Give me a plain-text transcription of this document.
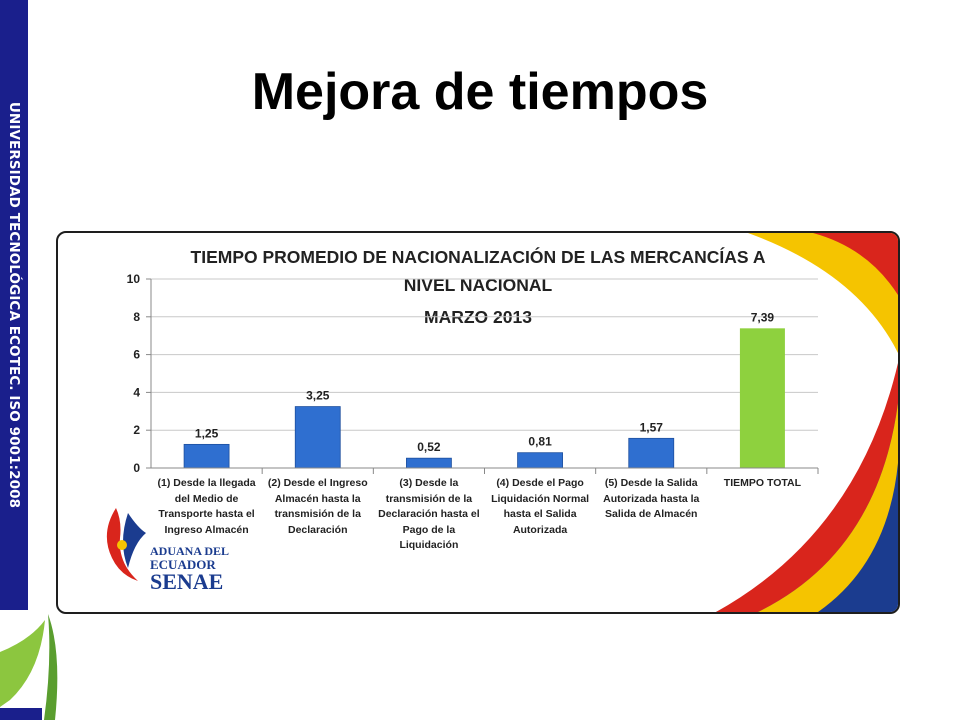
UNIVERSIDAD TECNOLÓGICA ECOTEC. ISO 9001:2008
Mejora de tiempos
TIEMPO PROMEDIO DE NACIONALIZACIÓN DE LAS MERCANCÍAS A
NIVEL NACIONAL
MARZO 2013
1,25
3,25
0,52	0,81
1,57
7,39
0
2
4
6
8
10
(1) Desde la llegada
del Medio de
Transporte hasta el
Ingreso Almacén
(2) Desde el Ingreso
Almacén hasta la
transmisión de la
Declaración
(3) Desde la
transmisión de la
Declaración hasta el
Pago de la
Liquidación
(4) Desde el Pago
Liquidación Normal
hasta el Salida
Autorizada
(5) Desde la Salida
Autorizada hasta la
Salida de Almacén
TIEMPO TOTAL
ADUANA DEL
ECUADOR
SENAE
